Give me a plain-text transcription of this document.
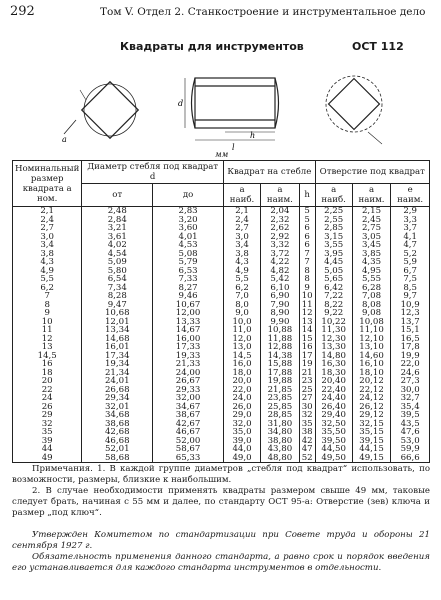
292	Том V. Отдел 2. Станкостроение и инструментальное дело
Квадраты для инструментов	ОСТ 112
a
d
l
h
мм
Номинальный размер квадрата a ном.	Диаметр стебля под квадрат d		Квадрат на стебле			Отверстие под квадрат		
	от	до	a наиб.	a наим.	h	a наиб.	a наим.	e наим.
2,1	2,48	2,83	2,1	2,04	5	2,25	2,15	2,9
2,4	2,84	3,20	2,4	2,32	5	2,55	2,45	3,3
2,7	3,21	3,60	2,7	2,62	6	2,85	2,75	3,7
3,0	3,61	4,01	3,0	2,92	6	3,15	3,05	4,1
3,4	4,02	4,53	3,4	3,32	6	3,55	3,45	4,7
3,8	4,54	5,08	3,8	3,72	7	3,95	3,85	5,2
4,3	5,09	5,79	4,3	4,22	7	4,45	4,35	5,9
4,9	5,80	6,53	4,9	4,82	8	5,05	4,95	6,7
5,5	6,54	7,33	5,5	5,42	8	5,65	5,55	7,5
6,2	7,34	8,27	6,2	6,10	9	6,42	6,28	8,5
7	8,28	9,46	7,0	6,90	10	7,22	7,08	9,7
8	9,47	10,67	8,0	7,90	11	8,22	8,08	10,9
9	10,68	12,00	9,0	8,90	12	9,22	9,08	12,3
10	12,01	13,33	10,0	9,90	13	10,22	10,08	13,7
11	13,34	14,67	11,0	10,88	14	11,30	11,10	15,1
12	14,68	16,00	12,0	11,88	15	12,30	12,10	16,5
13	16,01	17,33	13,0	12,88	16	13,30	13,10	17,8
14,5	17,34	19,33	14,5	14,38	17	14,80	14,60	19,9
16	19,34	21,33	16,0	15,88	19	16,30	16,10	22,0
18	21,34	24,00	18,0	17,88	21	18,30	18,10	24,6
20	24,01	26,67	20,0	19,88	23	20,40	20,12	27,3
22	26,68	29,33	22,0	21,85	25	22,40	22,12	30,0
24	29,34	32,00	24,0	23,85	27	24,40	24,12	32,7
26	32,01	34,67	26,0	25,85	30	26,40	26,12	35,4
29	34,68	38,67	29,0	28,85	32	29,40	29,12	39,5
32	38,68	42,67	32,0	31,80	35	32,50	32,15	43,5
35	42,68	46,67	35,0	34,80	38	35,50	35,15	47,6
39	46,68	52,00	39,0	38,80	42	39,50	39,15	53,0
44	52,01	58,67	44,0	43,80	47	44,50	44,15	59,9
49	58,68	65,33	49,0	48,80	52	49,50	49,15	66,6

Примечания. 1. В каждой группе диаметров „стебля под квадрат“ использовать, по возможности, размеры, близкие к наибольшим.

2. В случае необходимости применять квадраты размером свыше 49 мм, таковые следует брать, начиная с 55 мм и далее, по стандарту ОСТ 95-а: Отверстие (зев) ключа и размер „под ключ“.

Утвержден Комитетом по стандартизации при Совете труда и обороны 21 сентября 1927 г.

Обязательность применения данного стандарта, а равно срок и порядок введения его устанавливается для каждого стандарта инструментов в отдельности.
